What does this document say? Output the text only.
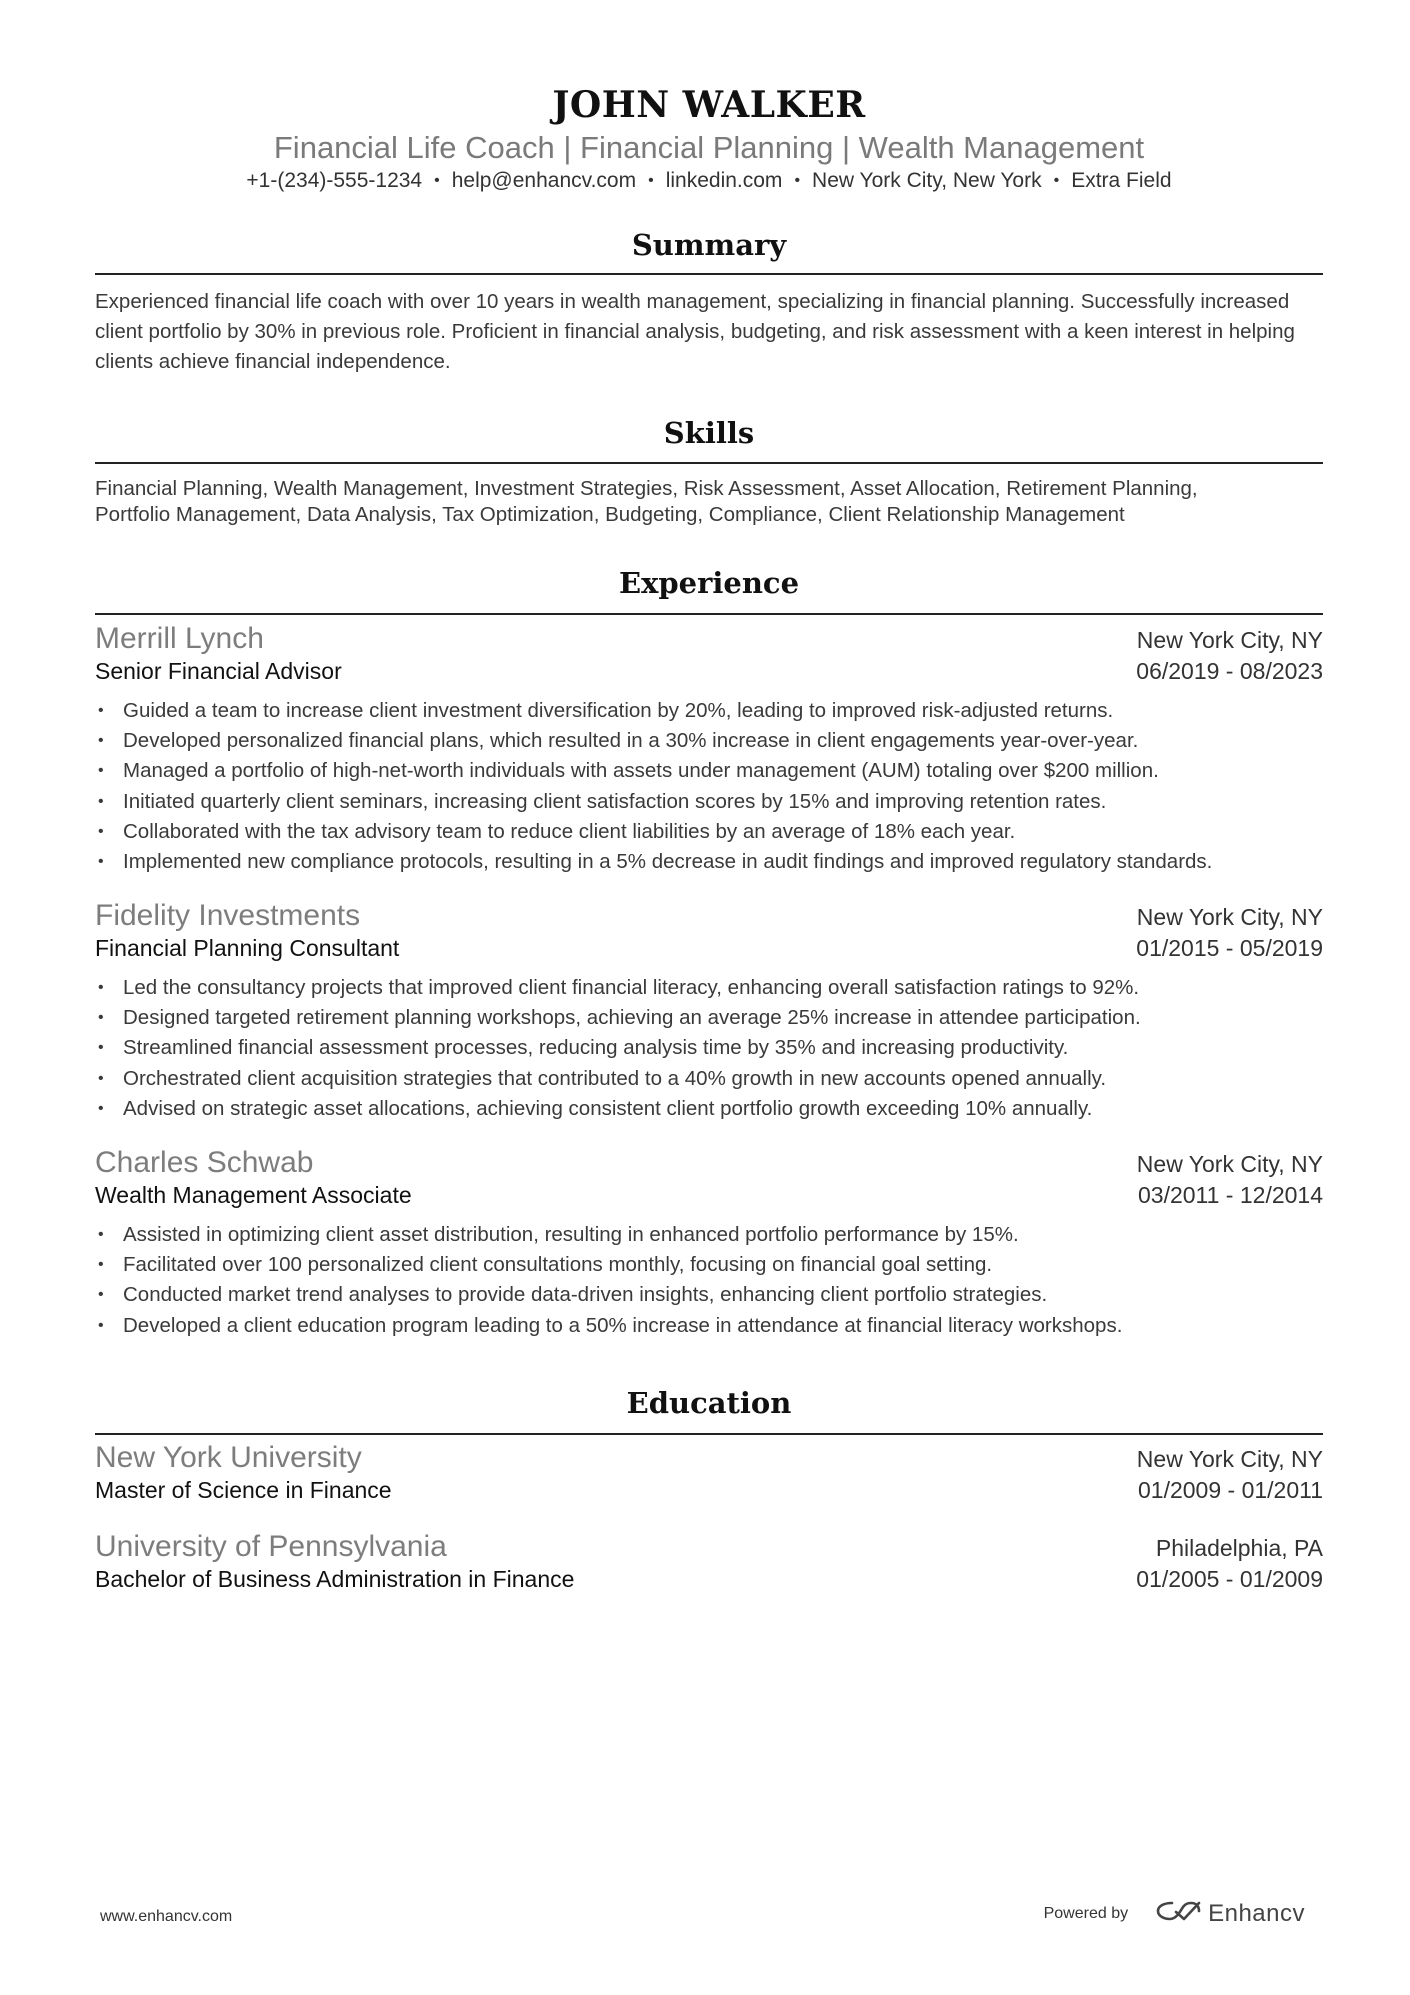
JOHN WALKER
Financial Life Coach | Financial Planning | Wealth Management
+1-(234)-555-1234 • help@enhancv.com • linkedin.com • New York City, New York • Extra Field
Summary
Experienced financial life coach with over 10 years in wealth management, specializing in financial planning. Successfully increased client portfolio by 30% in previous role. Proficient in financial analysis, budgeting, and risk assessment with a keen interest in helping clients achieve financial independence.
Skills
Financial Planning, Wealth Management, Investment Strategies, Risk Assessment, Asset Allocation, Retirement Planning,
Portfolio Management, Data Analysis, Tax Optimization, Budgeting, Compliance, Client Relationship Management
Experience
Merrill Lynch	New York City, NY
Senior Financial Advisor	06/2019 - 08/2023
• Guided a team to increase client investment diversification by 20%, leading to improved risk-adjusted returns.
• Developed personalized financial plans, which resulted in a 30% increase in client engagements year-over-year.
• Managed a portfolio of high-net-worth individuals with assets under management (AUM) totaling over $200 million.
• Initiated quarterly client seminars, increasing client satisfaction scores by 15% and improving retention rates.
• Collaborated with the tax advisory team to reduce client liabilities by an average of 18% each year.
• Implemented new compliance protocols, resulting in a 5% decrease in audit findings and improved regulatory standards.
Fidelity Investments	New York City, NY
Financial Planning Consultant	01/2015 - 05/2019
• Led the consultancy projects that improved client financial literacy, enhancing overall satisfaction ratings to 92%.
• Designed targeted retirement planning workshops, achieving an average 25% increase in attendee participation.
• Streamlined financial assessment processes, reducing analysis time by 35% and increasing productivity.
• Orchestrated client acquisition strategies that contributed to a 40% growth in new accounts opened annually.
• Advised on strategic asset allocations, achieving consistent client portfolio growth exceeding 10% annually.
Charles Schwab	New York City, NY
Wealth Management Associate	03/2011 - 12/2014
• Assisted in optimizing client asset distribution, resulting in enhanced portfolio performance by 15%.
• Facilitated over 100 personalized client consultations monthly, focusing on financial goal setting.
• Conducted market trend analyses to provide data-driven insights, enhancing client portfolio strategies.
• Developed a client education program leading to a 50% increase in attendance at financial literacy workshops.
Education
New York University	New York City, NY
Master of Science in Finance	01/2009 - 01/2011
University of Pennsylvania	Philadelphia, PA
Bachelor of Business Administration in Finance	01/2005 - 01/2009
www.enhancv.com	Powered by	Enhancv
